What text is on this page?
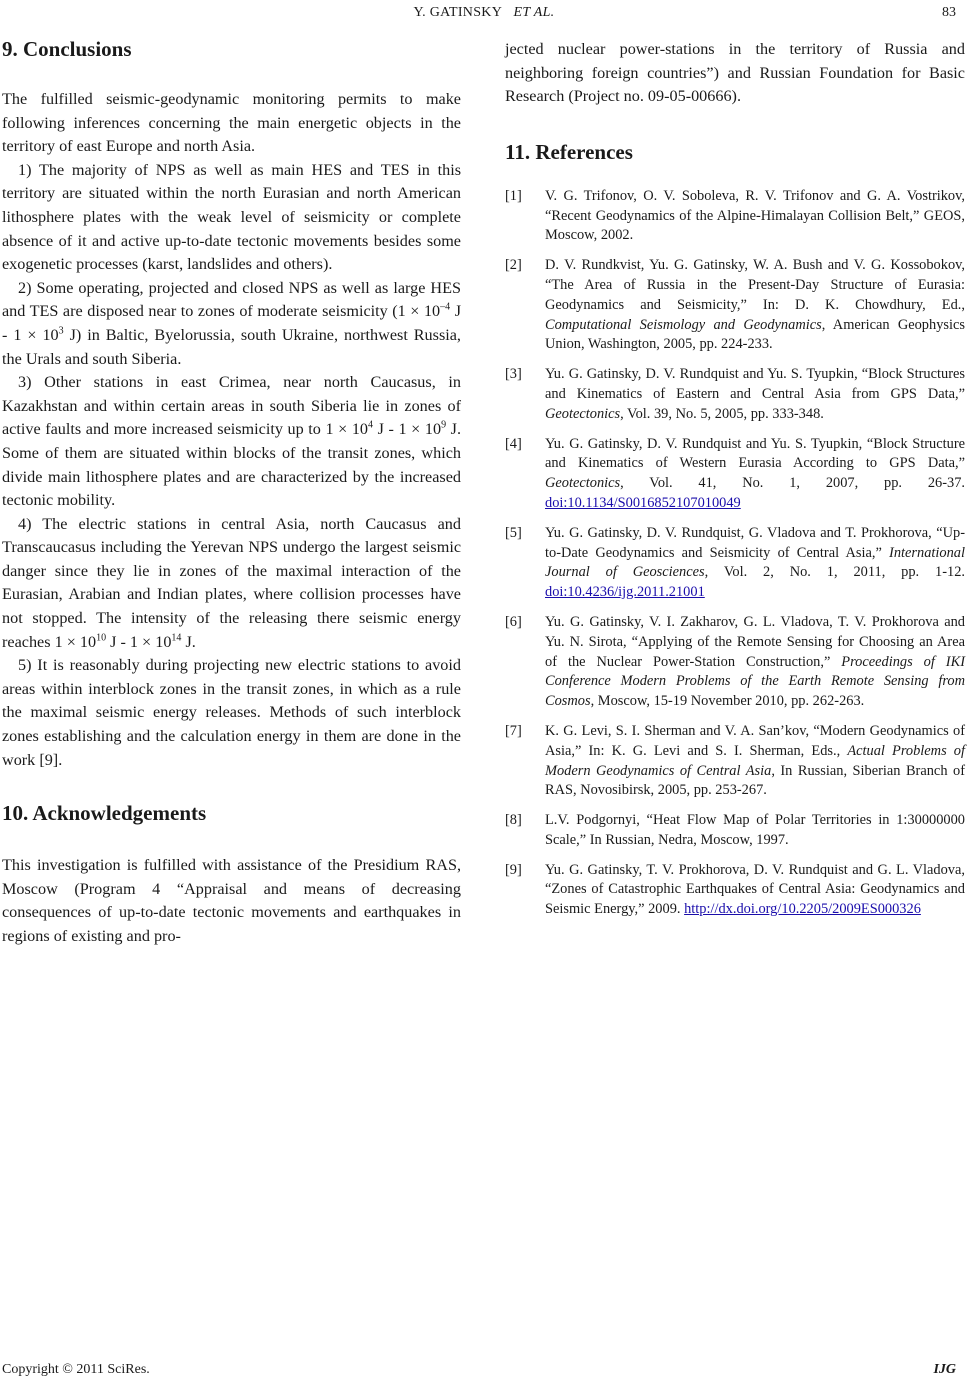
Y. GATINSKY ET AL.	83
9. Conclusions

The fulfilled seismic-geodynamic monitoring permits to make following inferences concerning the main energetic objects in the territory of east Europe and north Asia.

1) The majority of NPS as well as main HES and TES in this territory are situated within the north Eurasian and north American lithosphere plates with the weak level of seismicity or complete absence of it and active up-to-date tectonic movements besides some exogenetic processes (karst, landslides and others).

2) Some operating, projected and closed NPS as well as large HES and TES are disposed near to zones of moderate seismicity ($1 \times 10^{-4}$ $J - 1 \times 10^3$ J) in Baltic, Byelorussia, south Ukraine, northwest Russia, the Urals and south Siberia.

3) Other stations in east Crimea, near north Caucasus, in Kazakhstan and within certain areas in south Siberia lie in zones of active faults and more increased seismicity up to $1 \times 10^4$ $J - 1 \times 10^9$ J. Some of them are situated within blocks of the transit zones, which divide main lithosphere plates and are characterized by the increased tectonic mobility.

4) The electric stations in central Asia, north Caucasus and Transcaucasus including the Yerevan NPS undergo the largest seismic danger since they lie in zones of the maximal interaction of the Eurasian, Arabian and Indian plates, where collision processes have not stopped. The intensity of the releasing there seismic energy reaches $1 \times 10^{10}$ $J - 1 \times 10^{14}$ J.

5) It is reasonably during projecting new electric stations to avoid areas within interblock zones in the transit zones, in which as a rule the maximal seismic energy releases. Methods of such interblock zones establishing and the calculation energy in them are done in the work [9].

10. Acknowledgements

This investigation is fulfilled with assistance of the Presidium RAS, Moscow (Program 4 “Appraisal and means of decreasing consequences of up-to-date tectonic movements and earthquakes in regions of existing and pro-

jected nuclear power-stations in the territory of Russia and neighboring foreign countries”) and Russian Foundation for Basic Research (Project no. 09-05-00666).

11. References
[1] V. G. Trifonov, O. V. Soboleva, R. V. Trifonov and G. A. Vostrikov, “Recent Geodynamics of the Alpine-Himalayan Collision Belt,” GEOS, Moscow, 2002.
[2] D. V. Rundkvist, Yu. G. Gatinsky, W. A. Bush and V. G. Kossobokov, “The Area of Russia in the Present-Day Structure of Eurasia: Geodynamics and Seismicity,” In: D. K. Chowdhury, Ed., Computational Seismology and Geodynamics, American Geophysics Union, Washington, 2005, pp. 224-233.
[3] Yu. G. Gatinsky, D. V. Rundquist and Yu. S. Tyupkin, “Block Structures and Kinematics of Eastern and Central Asia from GPS Data,” Geotectonics, Vol. 39, No. 5, 2005, pp. 333-348.
[4] Yu. G. Gatinsky, D. V. Rundquist and Yu. S. Tyupkin, “Block Structure and Kinematics of Western Eurasia According to GPS Data,” Geotectonics, Vol. 41, No. 1, 2007, pp. 26-37. doi:10.1134/S0016852107010049
[5] Yu. G. Gatinsky, D. V. Rundquist, G. Vladova and T. Prokhorova, “Up-to-Date Geodynamics and Seismicity of Central Asia,” International Journal of Geosciences, Vol. 2, No. 1, 2011, pp. 1-12. doi:10.4236/ijg.2011.21001
[6] Yu. G. Gatinsky, V. I. Zakharov, G. L. Vladova, T. V. Prokhorova and Yu. N. Sirota, “Applying of the Remote Sensing for Choosing an Area of the Nuclear Power-Station Construction,” Proceedings of IKI Conference Modern Problems of the Earth Remote Sensing from Cosmos, Moscow, 15-19 November 2010, pp. 262-263.
[7] K. G. Levi, S. I. Sherman and V. A. San’kov, “Modern Geodynamics of Asia,” In: K. G. Levi and S. I. Sherman, Eds., Actual Problems of Modern Geodynamics of Central Asia, In Russian, Siberian Branch of RAS, Novosibirsk, 2005, pp. 253-267.
[8] L.V. Podgornyi, “Heat Flow Map of Polar Territories in 1:30000000 Scale,” In Russian, Nedra, Moscow, 1997.
[9] Yu. G. Gatinsky, T. V. Prokhorova, D. V. Rundquist and G. L. Vladova, “Zones of Catastrophic Earthquakes of Central Asia: Geodynamics and Seismic Energy,” 2009. http://dx.doi.org/10.2205/2009ES000326
Copyright © 2011 SciRes.	IJG
